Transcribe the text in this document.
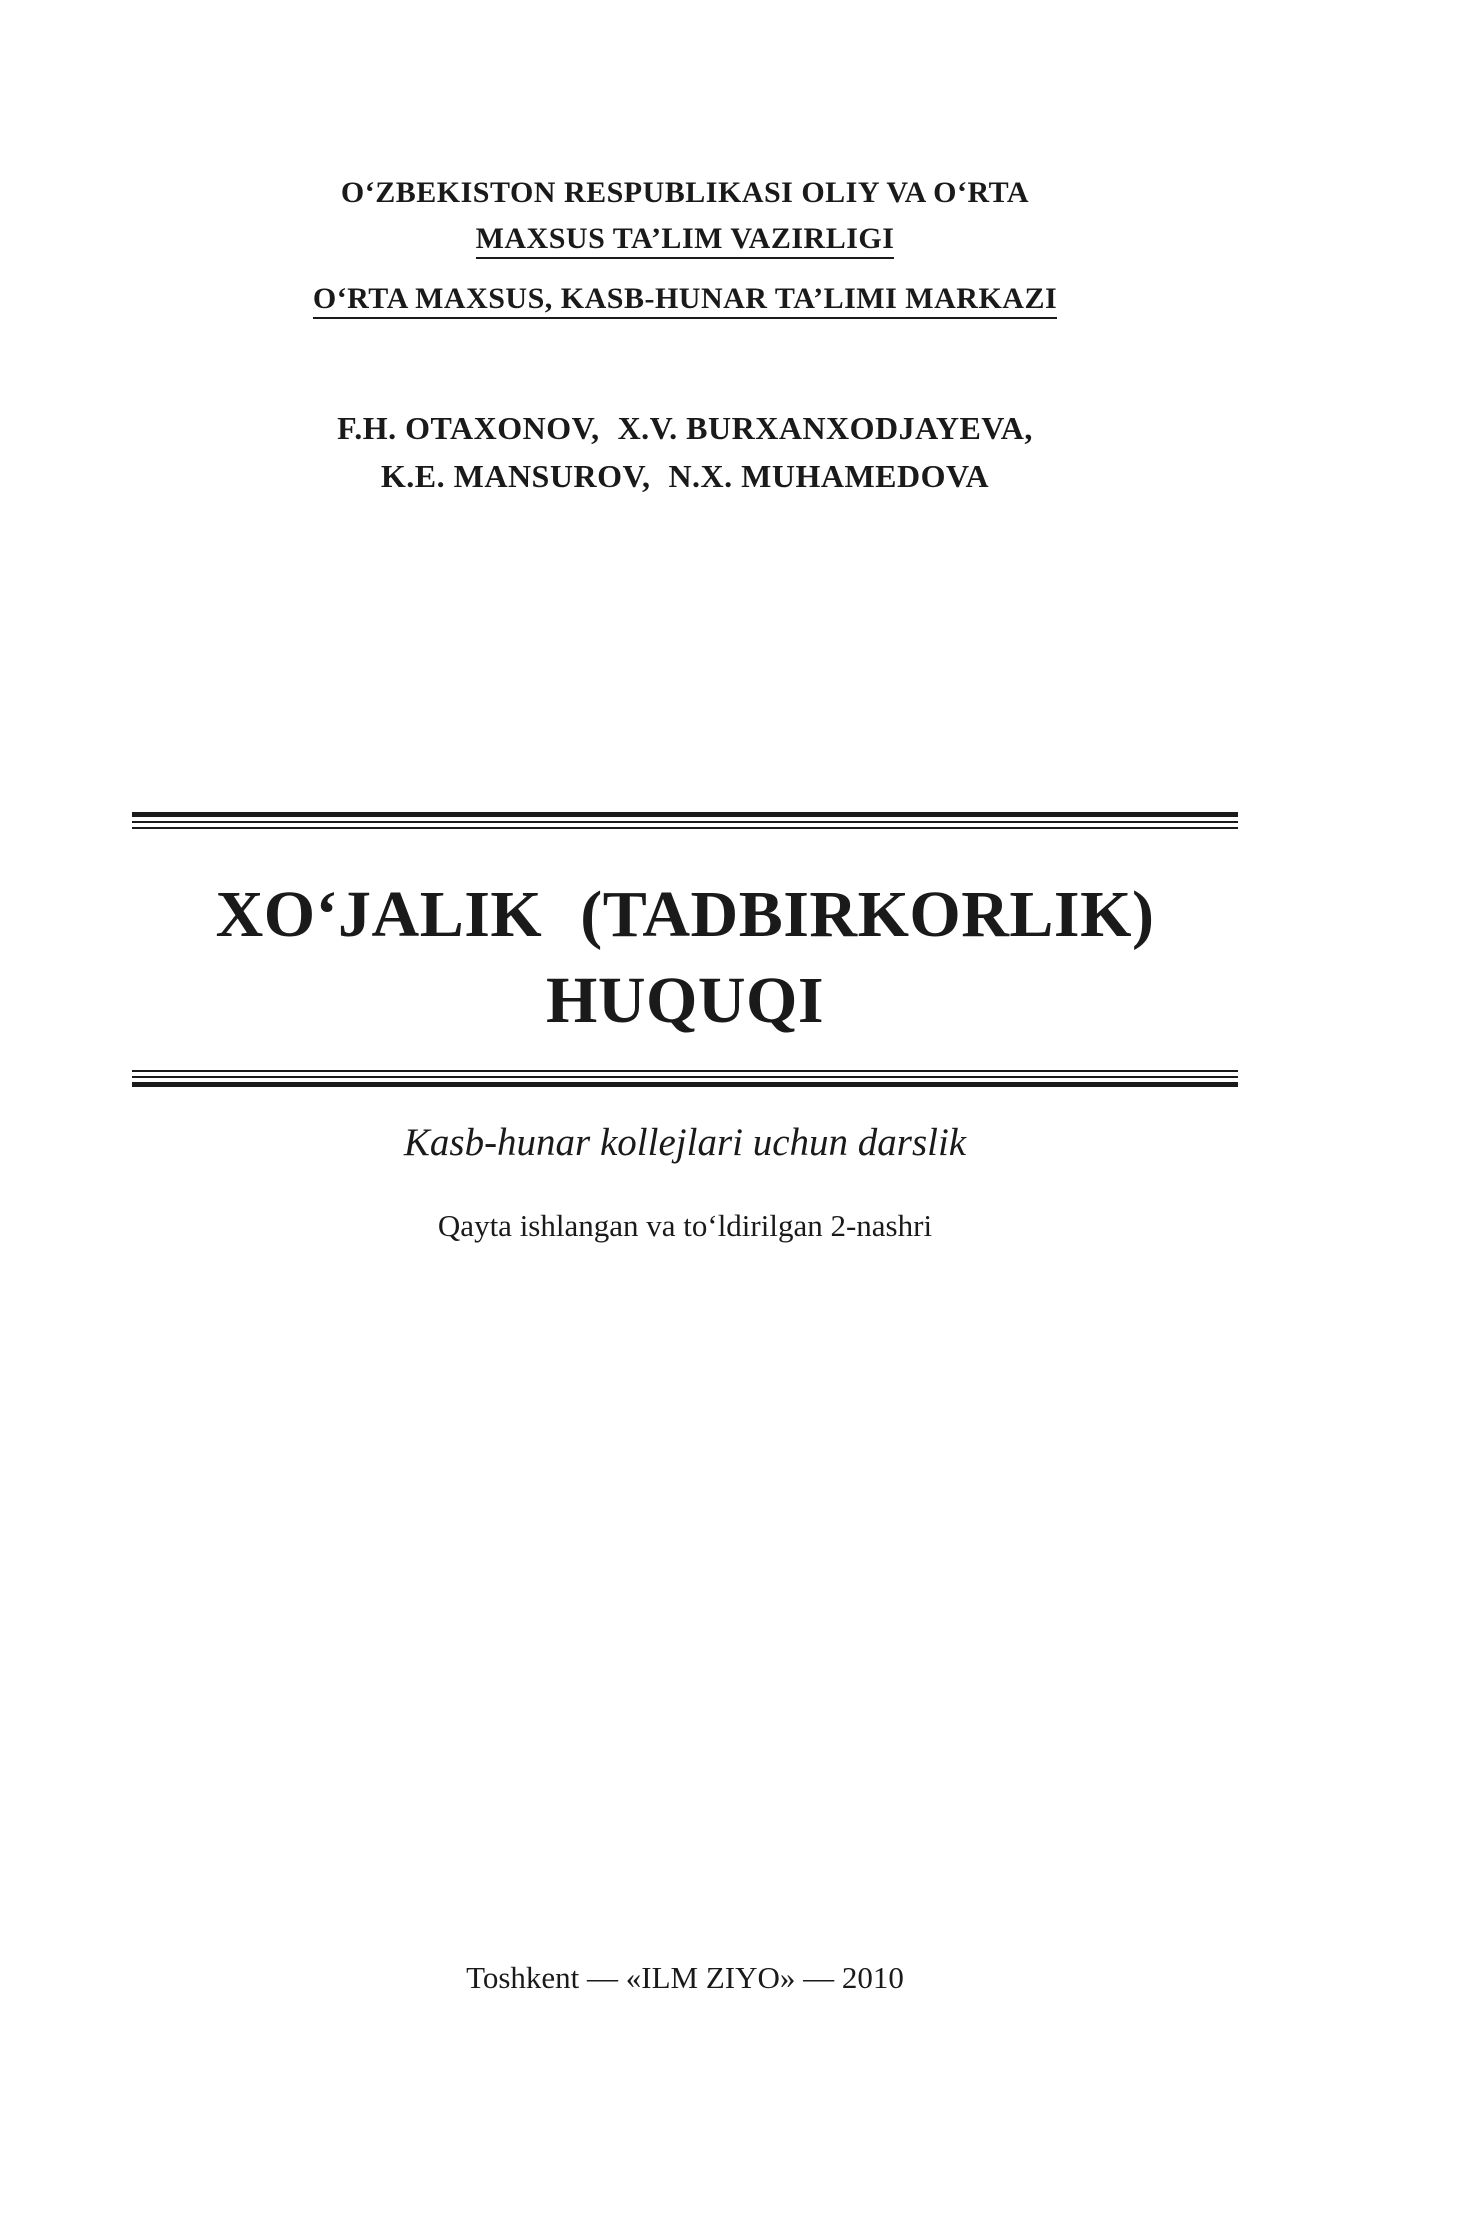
O‘ZBEKISTON RESPUBLIKASI OLIY VA O‘RTA
MAXSUS TA’LIM VAZIRLIGI
O‘RTA MAXSUS, KASB-HUNAR TA’LIMI MARKAZI
F.H. OTAXONOV, X.V. BURXANXODJAYEVA,
K.E. MANSUROV, N.X. MUHAMEDOVA
XO‘JALIK (TADBIRKORLIK)
HUQUQI
Kasb-hunar kollejlari uchun darslik
Qayta ishlangan va to‘ldirilgan 2-nashri
Toshkent — «ILM ZIYO» — 2010
